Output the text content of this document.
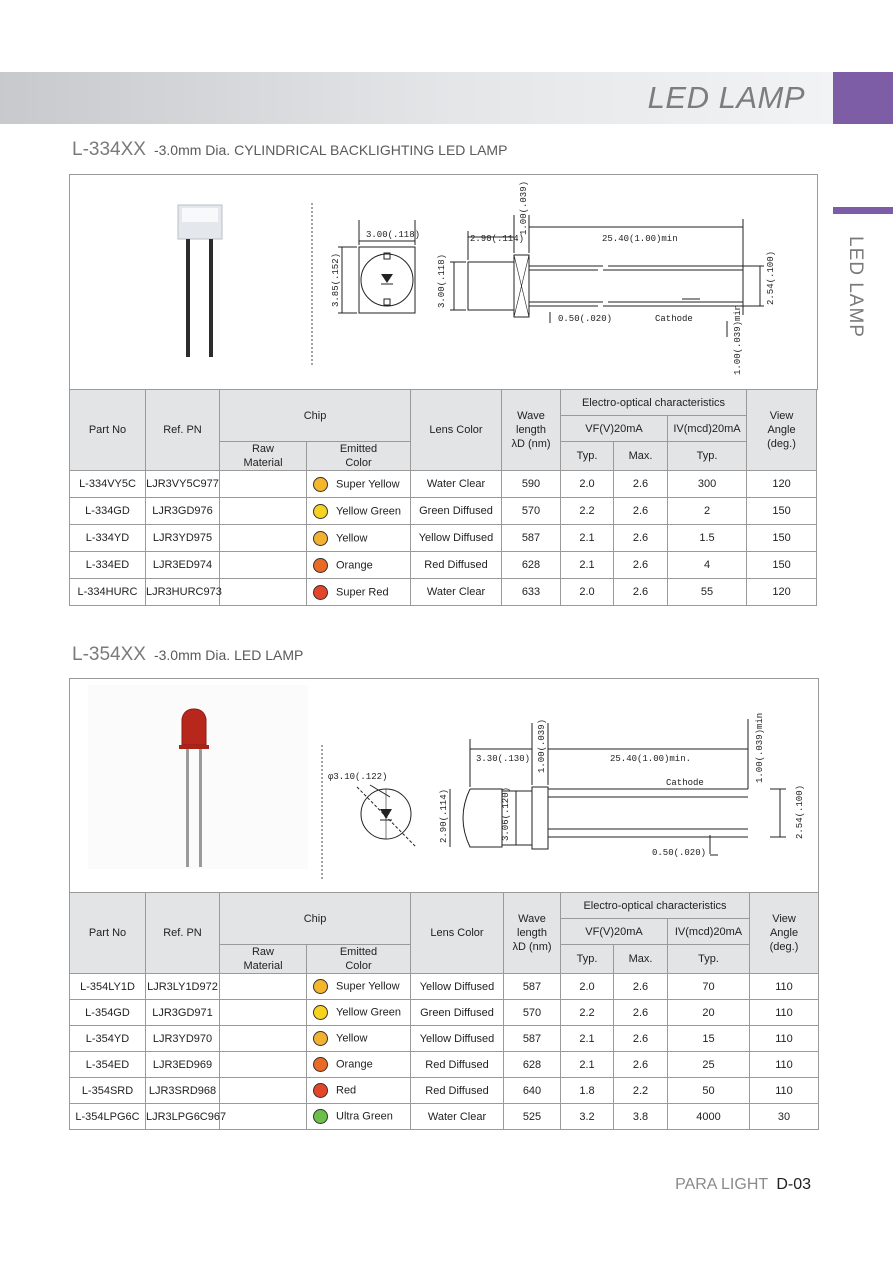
LED LAMP
LED LAMP
L-334XX -3.0mm Dia. CYLINDRICAL BACKLIGHTING LED LAMP
3.00(.118)
3.85(.152)
2.90(.114)
1.00(.039)
25.40(1.00)min
3.00(.118)	2.54(.100)
0.50(.020)	Cathode	1.00(.039)min
Part No	Ref. PN	Chip		Lens Color	Wave length λD (nm)	Electro-optical characteristics			View Angle (deg.)
						VF(V)20mA		IV(mcd)20mA	
		Raw Material	Emitted Color			Typ.	Max.	Typ.	
L-334VY5C	LJR3VY5C977		Super Yellow	Water Clear	590	2.0	2.6	300	120
L-334GD	LJR3GD976		Yellow Green	Green Diffused	570	2.2	2.6	2	150
L-334YD	LJR3YD975		Yellow	Yellow Diffused	587	2.1	2.6	1.5	150
L-334ED	LJR3ED974		Orange	Red Diffused	628	2.1	2.6	4	150
L-334HURC	LJR3HURC973		Super Red	Water Clear	633	2.0	2.6	55	120
L-354XX -3.0mm Dia. LED LAMP
φ3.10(.122)
3.30(.130) 1.00(.039)	25.40(1.00)min.	1.00(.039)min
Cathode
2.90(.114)	3.06(.120)	2.54(.100)
0.50(.020)
Part No	Ref. PN	Chip		Lens Color	Wave length λD (nm)	Electro-optical characteristics			View Angle (deg.)
						VF(V)20mA		IV(mcd)20mA	
		Raw Material	Emitted Color			Typ.	Max.	Typ.	
L-354LY1D	LJR3LY1D972		Super Yellow	Yellow Diffused	587	2.0	2.6	70	110
L-354GD	LJR3GD971		Yellow Green	Green Diffused	570	2.2	2.6	20	110
L-354YD	LJR3YD970		Yellow	Yellow Diffused	587	2.1	2.6	15	110
L-354ED	LJR3ED969		Orange	Red Diffused	628	2.1	2.6	25	110
L-354SRD	LJR3SRD968		Red	Red Diffused	640	1.8	2.2	50	110
L-354LPG6C	LJR3LPG6C967		Ultra Green	Water Clear	525	3.2	3.8	4000	30
PARA LIGHT D-03
